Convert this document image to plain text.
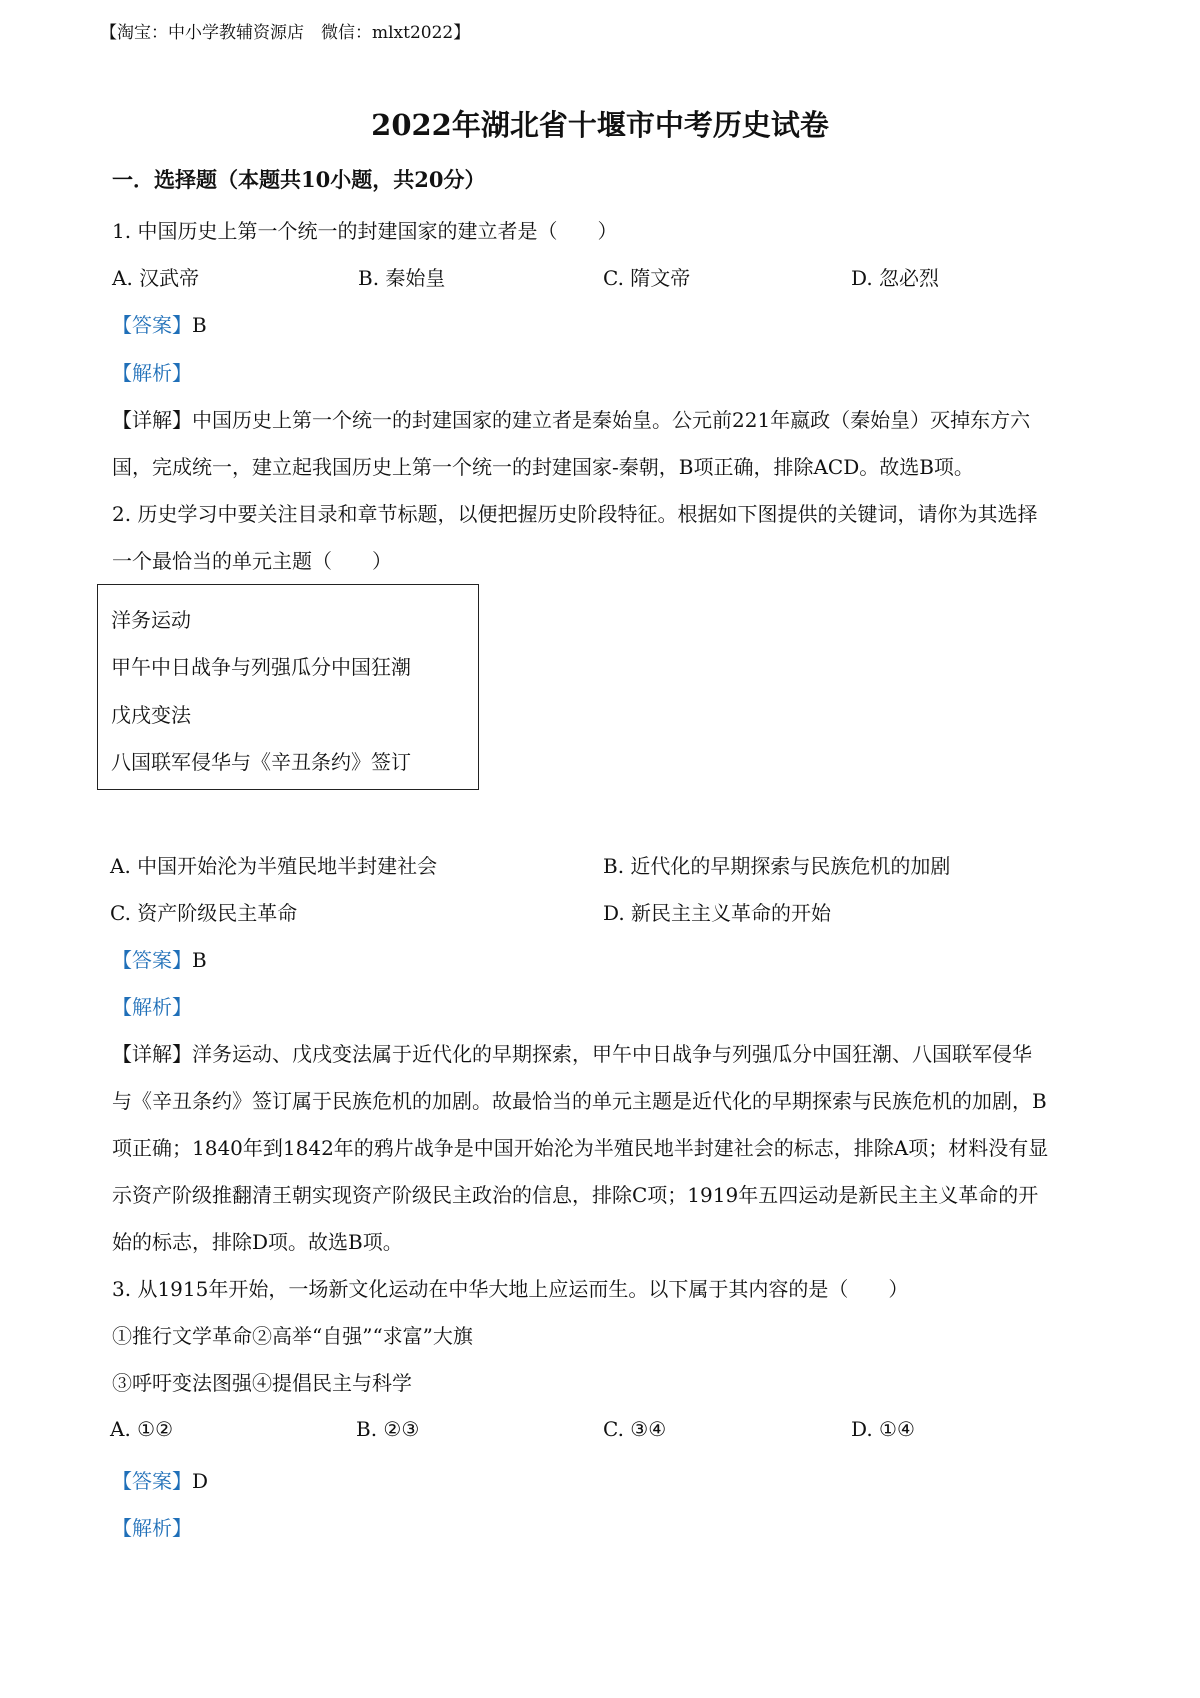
【淘宝：中小学教辅资源店　微信：mlxt2022】
2022年湖北省十堰市中考历史试卷
一．选择题（本题共10小题，共20分）
1. 中国历史上第一个统一的封建国家的建立者是（　　）
A. 汉武帝	B. 秦始皇	C. 隋文帝	D. 忽必烈
【答案】B
【解析】
【详解】中国历史上第一个统一的封建国家的建立者是秦始皇。公元前221年嬴政（秦始皇）灭掉东方六
国，完成统一，建立起我国历史上第一个统一的封建国家-秦朝，B项正确，排除ACD。故选B项。
2. 历史学习中要关注目录和章节标题，以便把握历史阶段特征。根据如下图提供的关键词，请你为其选择
一个最恰当的单元主题（　　）
洋务运动
甲午中日战争与列强瓜分中国狂潮
戊戌变法
八国联军侵华与《辛丑条约》签订
A. 中国开始沦为半殖民地半封建社会	B. 近代化的早期探索与民族危机的加剧
C. 资产阶级民主革命	D. 新民主主义革命的开始
【答案】B
【解析】
【详解】洋务运动、戊戌变法属于近代化的早期探索，甲午中日战争与列强瓜分中国狂潮、八国联军侵华
与《辛丑条约》签订属于民族危机的加剧。故最恰当的单元主题是近代化的早期探索与民族危机的加剧，B
项正确；1840年到1842年的鸦片战争是中国开始沦为半殖民地半封建社会的标志，排除A项；材料没有显
示资产阶级推翻清王朝实现资产阶级民主政治的信息，排除C项；1919年五四运动是新民主主义革命的开
始的标志，排除D项。故选B项。
3. 从1915年开始，一场新文化运动在中华大地上应运而生。以下属于其内容的是（　　）
①推行文学革命②高举“自强”“求富”大旗
③呼吁变法图强④提倡民主与科学
A. ①②	B. ②③	C. ③④	D. ①④
【答案】D
【解析】
